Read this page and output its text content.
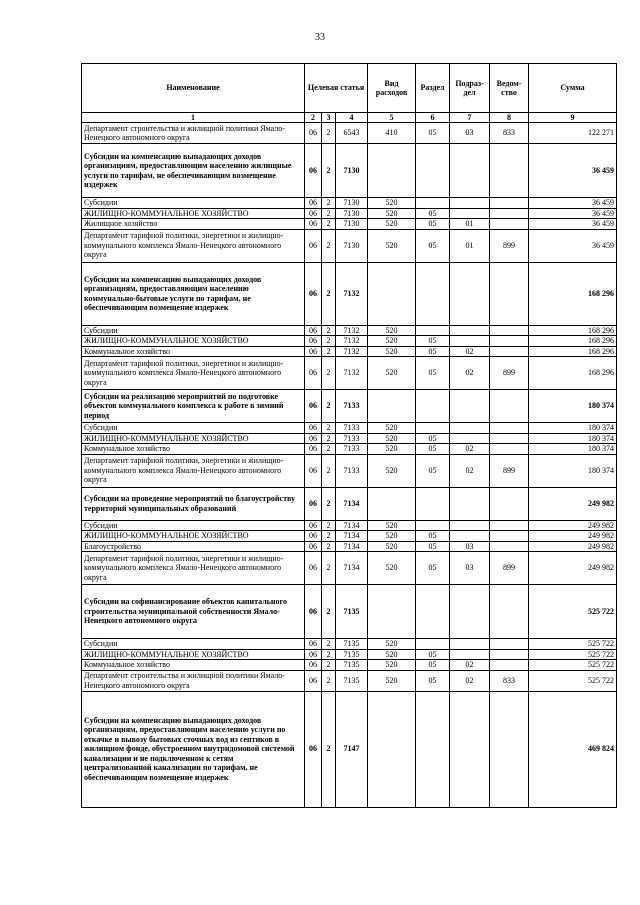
33
Наименование	Целевая статья			Вид расходов	Раздел	Подраз-дел	Ведом-ство	Сумма
1	2	3	4	5	6	7	8	9
Департамент строительства и жилищной политики Ямало-Ненецкого автономного округа	06	2	6543	410	05	03	833	122 271
Субсидии на компенсацию выпадающих доходов организациям, предоставляющим населению жилищные услуги по тарифам, не обеспечивающим возмещение издержек	06	2	7130					36 459
Субсидии	06	2	7130	520				36 459
ЖИЛИЩНО-КОММУНАЛЬНОЕ ХОЗЯЙСТВО	06	2	7130	520	05			36 459
Жилищное хозяйство	06	2	7130	520	05	01		36 459
Департамент тарифной политики, энергетики и жилищно-коммунального комплекса Ямало-Ненецкого автономного округа	06	2	7130	520	05	01	899	36 459
Субсидии на компенсацию выпадающих доходов организациям, предоставляющим населению коммунально-бытовые услуги по тарифам, не обеспечивающим возмещение издержек	06	2	7132					168 296
Субсидии	06	2	7132	520				168 296
ЖИЛИЩНО-КОММУНАЛЬНОЕ ХОЗЯЙСТВО	06	2	7132	520	05			168 296
Коммунальное хозяйство	06	2	7132	520	05	02		168 296
Департамент тарифной политики, энергетики и жилищно-коммунального комплекса Ямало-Ненецкого автономного округа	06	2	7132	520	05	02	899	168 296
Субсидии на реализацию мероприятий по подготовке объектов коммунального комплекса к работе в зимний период	06	2	7133					180 374
Субсидии	06	2	7133	520				180 374
ЖИЛИЩНО-КОММУНАЛЬНОЕ ХОЗЯЙСТВО	06	2	7133	520	05			180 374
Коммунальное хозяйство	06	2	7133	520	05	02		180 374
Департамент тарифной политики, энергетики и жилищно-коммунального комплекса Ямало-Ненецкого автономного округа	06	2	7133	520	05	02	899	180 374
Субсидии на проведение мероприятий по благоустройству территорий муниципальных образований	06	2	7134					249 982
Субсидии	06	2	7134	520				249 982
ЖИЛИЩНО-КОММУНАЛЬНОЕ ХОЗЯЙСТВО	06	2	7134	520	05			249 982
Благоустройство	06	2	7134	520	05	03		249 982
Департамент тарифной политики, энергетики и жилищно-коммунального комплекса Ямало-Ненецкого автономного округа	06	2	7134	520	05	03	899	249 982
Субсидии на софинансирование объектов капитального строительства муниципальной собственности Ямало-Ненецкого автономного округа	06	2	7135					525 722
Субсидии	06	2	7135	520				525 722
ЖИЛИЩНО-КОММУНАЛЬНОЕ ХОЗЯЙСТВО	06	2	7135	520	05			525 722
Коммунальное хозяйство	06	2	7135	520	05	02		525 722
Департамент строительства и жилищной политики Ямало-Ненецкого автономного округа	06	2	7135	520	05	02	833	525 722
Субсидии на компенсацию выпадающих доходов организациям, предоставляющим населению услуги по откачке и вывозу бытовых сточных вод из септиков в жилищном фонде, обустроенном внутридомовой системой канализации и не подключенном к сетям централизованной канализации по тарифам, не обеспечивающим возмещение издержек	06	2	7147					469 824
